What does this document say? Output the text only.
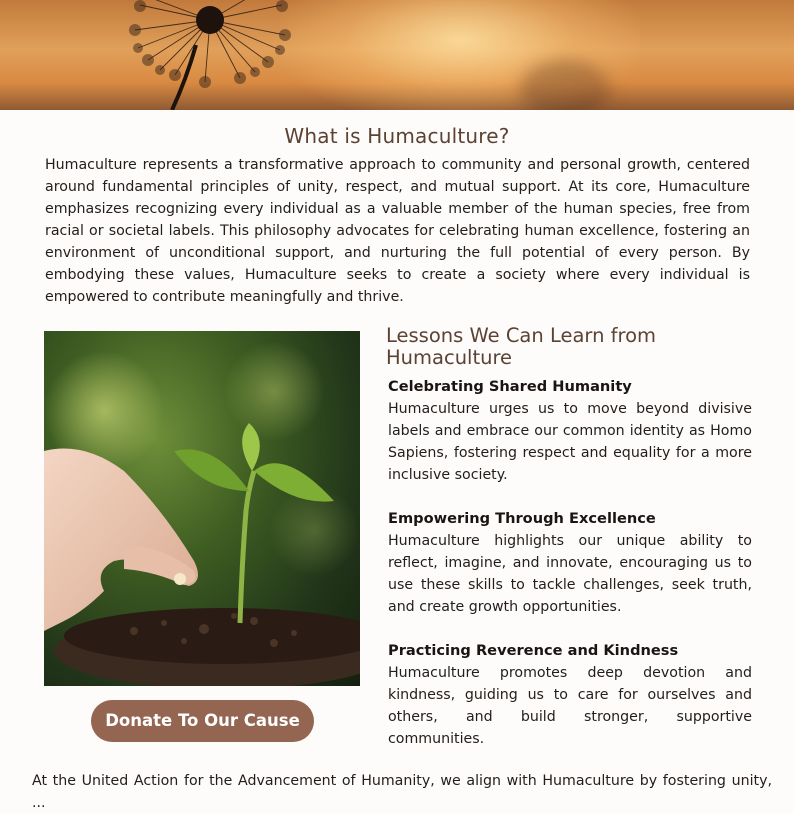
What is Humaculture?
Humaculture represents a transformative approach to community and personal growth, centered around fundamental principles of unity, respect, and mutual support. At its core, Humaculture emphasizes recognizing every individual as a valuable member of the human species, free from racial or societal labels. This philosophy advocates for celebrating human excellence, fostering an environment of unconditional support, and nurturing the full potential of every person. By embodying these values, Humaculture seeks to create a society where every individual is empowered to contribute meaningfully and thrive.
Donate To Our Cause
Lessons We Can Learn from Humaculture
Celebrating Shared Humanity

Humaculture urges us to move beyond divisive labels and embrace our common identity as Homo Sapiens, fostering respect and equality for a more inclusive society.

Empowering Through Excellence

Humaculture highlights our unique ability to reflect, imagine, and innovate, encouraging us to use these skills to tackle challenges, seek truth, and create growth opportunities.

Practicing Reverence and Kindness

Humaculture promotes deep devotion and kindness, guiding us to care for ourselves and others, and build stronger, supportive communities.

At the United Action for the Advancement of Humanity, we align with Humaculture by fostering unity, ...
